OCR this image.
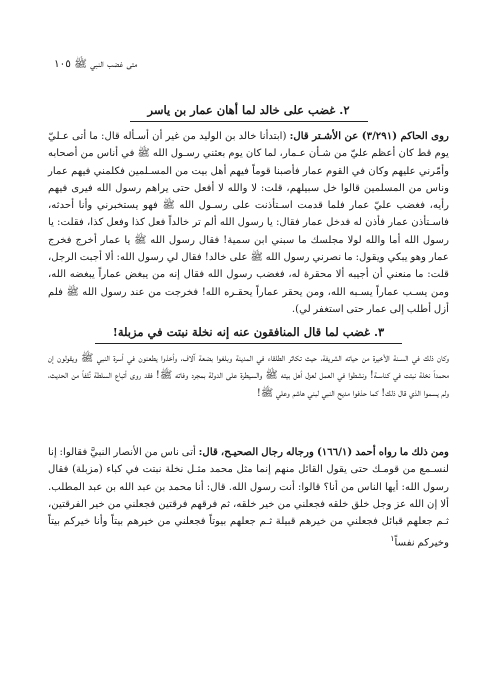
متى غضب النبي ﷺ ١٠٥
٢. غضب على خالد لما أهان عمار بن ياسر

روى الحاكم (٣/٢٩١) عن الأشـتر قال: (ابتدأنا خالد بن الوليد من غير أن أسـأله قال: ما أتى عـليّ يوم قط كان أعظم عليّ من شـأن عـمار، لما كان يوم بعثني رسـول الله ﷺ في أناس من أصحابه وأمّرني عليهم وكان في القوم عمار فأصبنا قوماً فيهم أهل بيت من المسـلمين فكلمني فيهم عمار وناس من المسلمين قالوا خل سبيلهم، قلت: لا والله لا أفعل حتى يراهم رسول الله فيرى فيهم رأيه، فغضب عليّ عمار فلما قدمت اسـتأذنت على رسـول الله ﷺ فهو يستخبرني وأنا أحدثه، فاسـتأذن عمار فأذن له فدخل عمار فقال: يا رسول الله ألم تر خالداً فعل كذا وفعل كذا، فقلت: يا رسول الله أما والله لولا مجلسك ما سبني ابن سمية! فقال رسول الله ﷺ يا عمار أخرج فخرج عمار وهو يبكي ويقول: ما نصرني رسول الله ﷺ على خالد! فقال لي رسول الله: ألا أجبت الرجل، قلت: ما منعني أن أجيبه ألا محقرة له، فغضب رسول الله فقال إنه من يبغض عماراً يبغضه الله، ومن يسـب عماراً يسـبه الله، ومن يحقر عماراً يحقـره الله! فخرجت من عند رسول الله ﷺ فلم أزل أطلب إلى عمار حتى استغفر لي).

٣. غضب لما قال المنافقون عنه إنه نخلة نبتت في مزبلة!

وكان ذلك في السـنة الأخيرة من حياته الشريفة، حيث تكاثر الطلقاء في المدينة وبلغوا بضعة آلاف، وأخذوا يطعنون في أسرة النبي ﷺ ويقولون إن محمداً نخلة نبتت في كناسـة! ونشطوا في العمل لعزل أهل بيته ﷺ والسيطرة على الدولة بمجرد وفاته ﷺ! فقد روى أتباع السلطة نُتَفاً من الحديث، ولم يسموا الذي قال ذلك! كما حذفوا مديح النبي لبني هاشم وعلي ﷺ!

ومن ذلك ما رواه أحمد (١٦٦/١) ورجاله رجال الصحيـح، قال: أتى ناس من الأنصار النبيَّ فقالوا: إنا لنسـمع من قومـك حتى يقول القائل منهم إنما مثل محمد مثـل نخلة نبتت في كباء (مزبلة) فقال رسول الله: أيها الناس من أنا؟ قالوا: أنت رسول الله. قال: أنا محمد بن عبد الله بن عبد المطلب. ألا إن الله عز وجل خلق خلقه فجعلني من خير خلقه، ثم فرقهم فرقتين فجعلني من خير الفرقتين، ثـم جعلهم قبائل فجعلني من خيرهم قبيلة ثـم جعلهم بيوتاً فجعلني من خيرهم بيتاً وأنا خيركم بيتاً وخيركم نفساً$^١$
